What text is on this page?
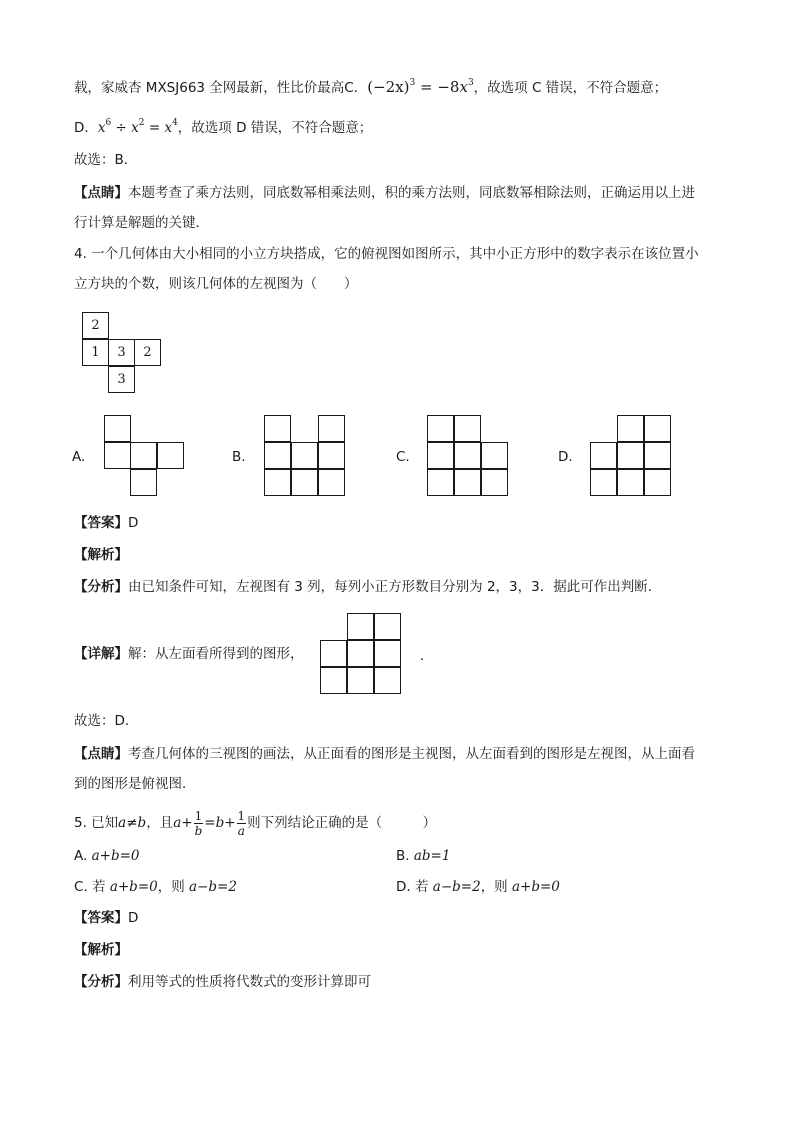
载，家威杏 MXSJ663 全网最新，性比价最高C．$(-2x)^3 = -8x^3$，故选项 C 错误，不符合题意；
D．$x^6 \div x^2 = x^4$，故选项 D 错误，不符合题意；
故选：B．
【点睛】本题考查了乘方法则，同底数幂相乘法则，积的乘方法则，同底数幂相除法则，正确运用以上进
行计算是解题的关键．
4. 一个几何体由大小相同的小立方块搭成，它的俯视图如图所示，其中小正方形中的数字表示在该位置小
立方块的个数，则该几何体的左视图为（　　）
2
1	3	2
3
A.	B.	C.	D.
【答案】D
【解析】
【分析】由已知条件可知，左视图有 3 列，每列小正方形数目分别为 2，3，3．据此可作出判断．
【详解】解：从左面看所得到的图形，	．
故选：D．
【点睛】考查几何体的三视图的画法，从正面看的图形是主视图，从左面看到的图形是左视图，从上面看
到的图形是俯视图．
5. 已知a≠b，且$a+ \frac{1}{b} =b+ \frac{1}{a}$ 则下列结论正确的是（　　　）
A. a+b=0	B. ab=1
C. 若 a+b=0，则 a−b=2	D. 若 a−b=2，则 a+b=0
【答案】D
【解析】
【分析】利用等式的性质将代数式的变形计算即可
